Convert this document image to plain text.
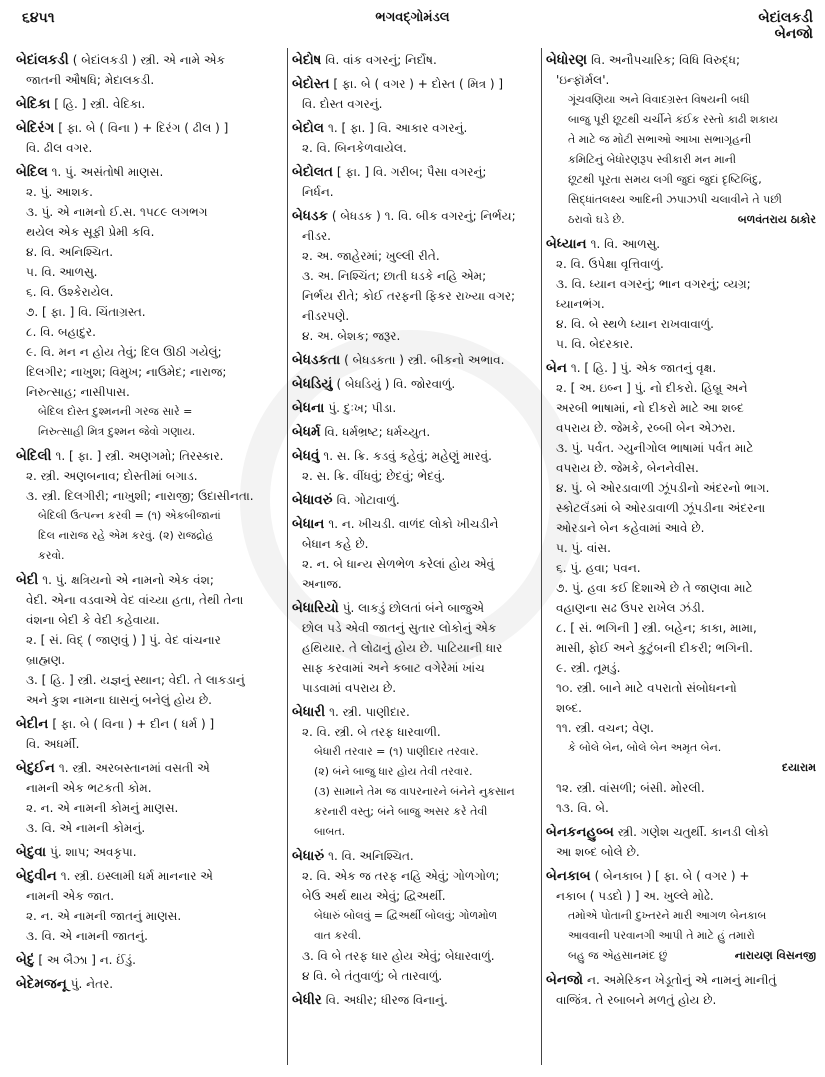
૬૪૫૧	ભગવદ્ગોમંડલ	બેદાંલકડી
બેનજો
બેદાંલકડી ( બેદાંલકડી ) સ્ત્રી. એ નામે એક
જાતની ઔષધિ; મેદાલકડી.
બેદિકા [ હિ. ] સ્ત્રી. વેદિકા.
બેદિરંગ [ ફા. બે ( વિના ) + દિરંગ ( ઢીલ ) ]
વિ. ઢીલ વગર.
બેદિલ ૧. પું. અસંતોષી માણસ.
૨. પું. આશક.
૩. પું. એ નામનો ઈ.સ. ૧૫૮૯ લગભગ
થયેલ એક સૂફી પ્રેમી કવિ.
૪. વિ. અનિશ્ચિત.
૫. વિ. આળસુ.
૬. વિ. ઉશ્કેરાયેલ.
૭. [ ફા. ] વિ. ચિંતાગ્રસ્ત.
૮. વિ. બહાદુર.
૯. વિ. મન ન હોય તેવું; દિલ ઊઠી ગયેલું;
દિલગીર; નાખુશ; વિમુખ; નાઉમેદ; નારાજ;
નિરુત્સાહ; નાસીપાસ.
બેદિલ દોસ્ત દુશ્મનની ગરજ સારે =
નિરુત્સાહી મિત્ર દુશ્મન જેવો ગણાય.
બેદિલી ૧. [ ફા. ] સ્ત્રી. અણગમો; તિરસ્કાર.
૨. સ્ત્રી. અણબનાવ; દોસ્તીમાં બગાડ.
૩. સ્ત્રી. દિલગીરી; નાખુશી; નારાજી; ઉદાસીનતા.
બેદિલી ઉત્પન્ન કરવી = (૧) એકબીજાનાં
દિલ નારાજ રહે એમ કરવું. (૨) રાજદ્રોહ
કરવો.
બેદી ૧. પું. ક્ષત્રિયનો એ નામનો એક વંશ;
વેદી. એના વડવાએ વેદ વાંચ્યા હતા, તેથી તેના
વંશના બેદી કે વેદી કહેવાયા.
૨. [ સં. વિદ્ ( જાણવું ) ] પું. વેદ વાંચનાર
બ્રાહ્મણ.
૩. [ હિ. ] સ્ત્રી. યજ્ઞનું સ્થાન; વેદી. તે લાકડાનું
અને કુશ નામના ઘાસનું બનેલું હોય છે.
બેદીન [ ફા. બે ( વિના ) + દીન ( ધર્મ ) ]
વિ. અધર્મી.
બેદુઈન ૧. સ્ત્રી. અરબસ્તાનમાં વસતી એ
નામની એક ભટકતી કોમ.
૨. ન. એ નામની કોમનું માણસ.
૩. વિ. એ નામની કોમનું.
બેદુવા પું. શાપ; અવકૃપા.
બેદુવીન ૧. સ્ત્રી. ઇસ્લામી ધર્મ માનનાર એ
નામની એક જાત.
૨. ન. એ નામની જાતનું માણસ.
૩. વિ. એ નામની જાતનું.
બેદું [ અ બૈઝા ] ન. ઈંડું.
બેદેમજનૂ પું. નેતર.
બેદોષ વિ. વાંક વગરનું; નિર્દોષ.
બેદોસ્ત [ ફા. બે ( વગર ) + દોસ્ત ( મિત્ર ) ]
વિ. દોસ્ત વગરનું.
બેદોલ ૧. [ ફા. ] વિ. આકાર વગરનું.
૨. વિ. બિનકેળવાયેલ.
બેદોલત [ ફા. ] વિ. ગરીબ; પૈસા વગરનું;
નિર્ધન.
બેધડક ( બેધડક ) ૧. વિ. બીક વગરનું; નિર્ભય;
નીડર.
૨. અ. જાહેરમાં; ખુલ્લી રીતે.
૩. અ. નિશ્ચિંત; છાતી ધડકે નહિ એમ;
નિર્ભય રીતે; કોઈ તરફની ફિકર રાખ્યા વગર;
નીડરપણે.
૪. અ. બેશક; જરૂર.
બેધડકતા ( બેધડકતા ) સ્ત્રી. બીકનો અભાવ.
બેધડિયું ( બેધડિયું ) વિ. જોરવાળું.
બેધના પું. દુઃખ; પીડા.
બેધર્મ વિ. ધર્મભ્રષ્ટ; ધર્મચ્યુત.
બેધવું ૧. સ. ક્રિ. કડવું કહેવું; મહેણું મારવું.
૨. સ. ક્રિ. વીંધવું; છેદવું; ભેદવું.
બેધાવરું વિ. ગોટાવાળું.
બેધાન ૧. ન. ખીચડી. વાળંદ લોકો ખીચડીને
બેધાન કહે છે.
૨. ન. બે ધાન્ય સેળભેળ કરેલાં હોય એવું
અનાજ.
બેધારિયો પું. લાકડું છોલતાં બંને બાજુએ
છોલ પડે એવી જાતનું સુતાર લોકોનું એક
હથિયાર. તે લોઢાનું હોય છે. પાટિયાની ધાર
સાફ કરવામાં અને કબાટ વગેરેમાં ખાંચ
પાડવામાં વપરાય છે.
બેધારી ૧. સ્ત્રી. પાણીદાર.
૨. વિ. સ્ત્રી. બે તરફ ધારવાળી.
બેધારી તરવાર = (૧) પાણીદાર તરવાર.
(૨) બંને બાજુ ધાર હોય તેવી તરવાર.
(૩) સામાને તેમ જ વાપરનારને બંનેને નુકસાન
કરનારી વસ્તુ; બંને બાજુ અસર કરે તેવી
બાબત.
બેધારું ૧. વિ. અનિશ્ચિત.
૨. વિ. એક જ તરફ નહિ એવું; ગોળગોળ;
બેઉ અર્થ થાય એવું; દ્વિઅર્થી.
બેધારું બોલવું = દ્વિઅર્થી બોલવું; ગોળમોળ
વાત કરવી.
૩. વિ બે તરફ ધાર હોય એવું; બેધારવાળું.
૪ વિ. બે તંતુવાળું; બે તારવાળું.
બેધીર વિ. અધીર; ધીરજ વિનાનું.
બેધોરણ વિ. અનૌપચારિક; વિધિ વિરુદ્ધ;
'ઇન્ફૉર્મલ'.
ગૂંચવણિયા અને વિવાદગ્રસ્ત વિષયની બધી
બાજુ પૂરી છૂટથી ચર્ચીને કંઈક રસ્તો કાઢી શકાય
તે માટે જ મોટી સભાઓ આખા સભાગૃહની
કમિટિનું બેધોરણરૂપ સ્વીકારી મન માની
છૂટથી પૂરતા સમય લગી જુદાં જુદાં દૃષ્ટિબિંદુ,
સિદ્ધાંતલક્ષ્ય આદિની ઝપાઝપી ચલાવીને તે પછી
ઠરાવો ઘડે છે.	બળવંતરાય ઠાકોર
બેધ્યાન ૧. વિ. આળસુ.
૨. વિ. ઉપેક્ષા વૃત્તિવાળું.
૩. વિ. ધ્યાન વગરનું; ભાન વગરનું; વ્યગ્ર;
ધ્યાનભંગ.
૪. વિ. બે સ્થળે ધ્યાન રાખવાવાળું.
૫. વિ. બેદરકાર.
બેન ૧. [ હિ. ] પું. એક જાતનું વૃક્ષ.
૨. [ અ. ઇબ્ન ] પું. નો દીકરો. હિબ્રૂ અને
અરબી ભાષામાં, નો દીકરો માટે આ શબ્દ
વપરાય છે. જેમકે, રબ્બી બેન એઝરા.
૩. પું. પર્વત. ગ્યુનીગોલ ભાષામાં પર્વત માટે
વપરાય છે. જેમકે, બેનનેવીસ.
૪. પું. બે ઓરડાવાળી ઝૂંપડીનો અંદરનો ભાગ.
સ્કોટલૅંડમાં બે ઓરડાવાળી ઝૂંપડીના અંદરના
ઓરડાને બેન કહેવામાં આવે છે.
૫. પું. વાંસ.
૬. પું. હવા; પવન.
૭. પું. હવા કઈ દિશાએ છે તે જાણવા માટે
વહાણના સઢ ઉપર રાખેલ ઝંડી.
૮. [ સં. ભગિની ] સ્ત્રી. બહેન; કાકા, મામા,
માસી, ફોઈ અને કુટુંબની દીકરી; ભગિની.
૯. સ્ત્રી. તૂમડું.
૧૦. સ્ત્રી. બાને માટે વપરાતો સંબોધનનો
શબ્દ.
૧૧. સ્ત્રી. વચન; વેણ.
કે બોલે બેન, બોલે બેન અમૃત બેન.
દયારામ
૧૨. સ્ત્રી. વાંસળી; બંસી. મોરલી.
૧૩. વિ. બે.
બેનકનહુબ્બ સ્ત્રી. ગણેશ ચતુર્થી. કાનડી લોકો
આ શબ્દ બોલે છે.
બેનકાબ ( બેનકાબ ) [ ફા. બે ( વગર ) +
નકાબ ( પડદો ) ] અ. ખુલ્લે મોઢે.
તમોએ પોતાની દુખ્તરને મારી આગળ બેનકાબ
આવવાની પરવાનગી આપી તે માટે હું તમારો
બહુ જ એહસાનમંદ છું	નારાયણ વિસનજી
બેનજો ન. અમેરિકન ખેડૂતોનું એ નામનું માનીતું
વાજિંત્ર. તે રબાબને મળતું હોય છે.
